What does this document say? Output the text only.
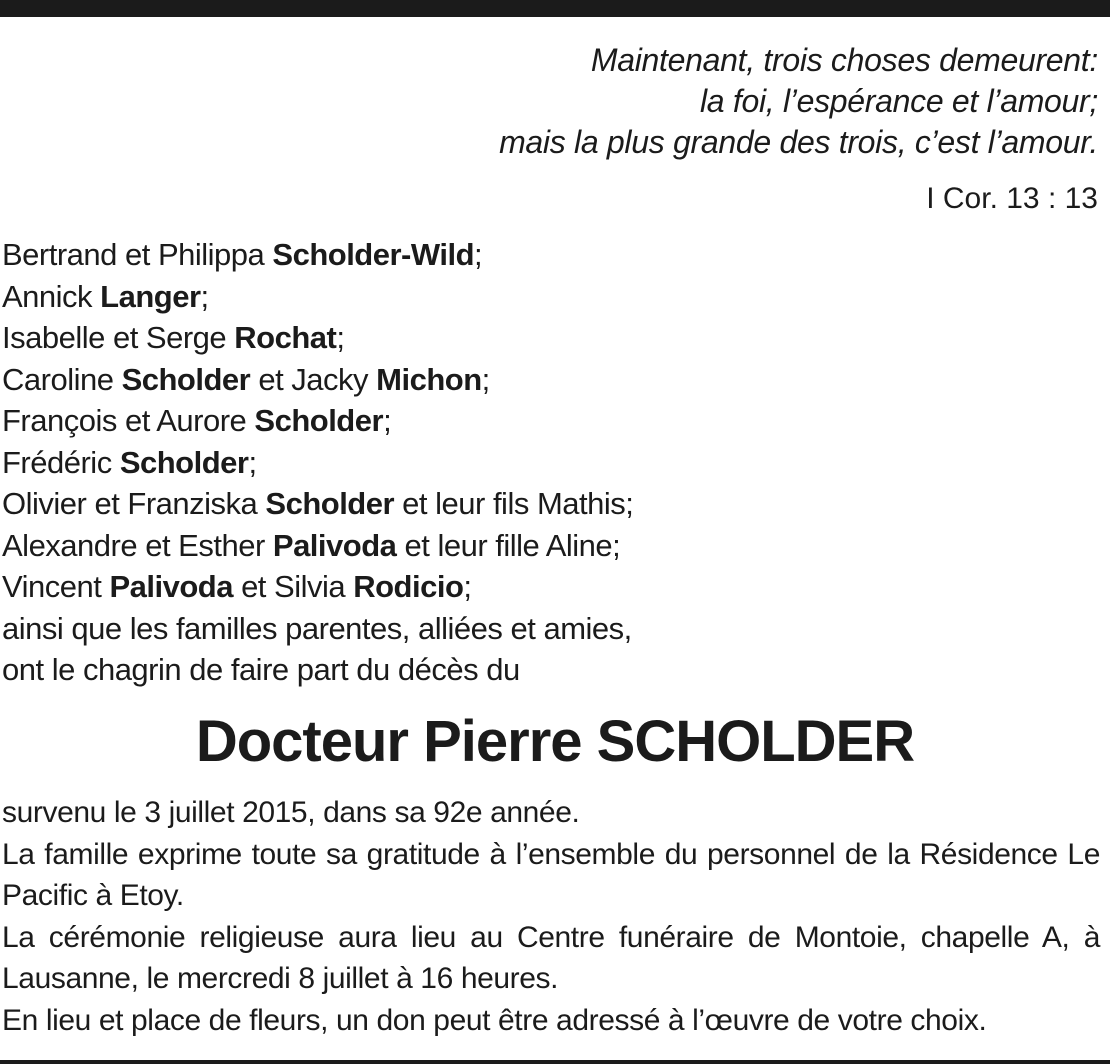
Maintenant, trois choses demeurent:
la foi, l’espérance et l’amour;
mais la plus grande des trois, c’est l’amour.
I Cor. 13 : 13
Bertrand et Philippa Scholder-Wild;
Annick Langer;
Isabelle et Serge Rochat;
Caroline Scholder et Jacky Michon;
François et Aurore Scholder;
Frédéric Scholder;
Olivier et Franziska Scholder et leur fils Mathis;
Alexandre et Esther Palivoda et leur fille Aline;
Vincent Palivoda et Silvia Rodicio;
ainsi que les familles parentes, alliées et amies,
ont le chagrin de faire part du décès du
Docteur Pierre SCHOLDER

survenu le 3 juillet 2015, dans sa 92e année.

La famille exprime toute sa gratitude à l’ensemble du personnel de la Résidence Le Pacific à Etoy.

La cérémonie religieuse aura lieu au Centre funéraire de Montoie, chapelle A, à Lausanne, le mercredi 8 juillet à 16 heures.

En lieu et place de fleurs, un don peut être adressé à l’œuvre de votre choix.
